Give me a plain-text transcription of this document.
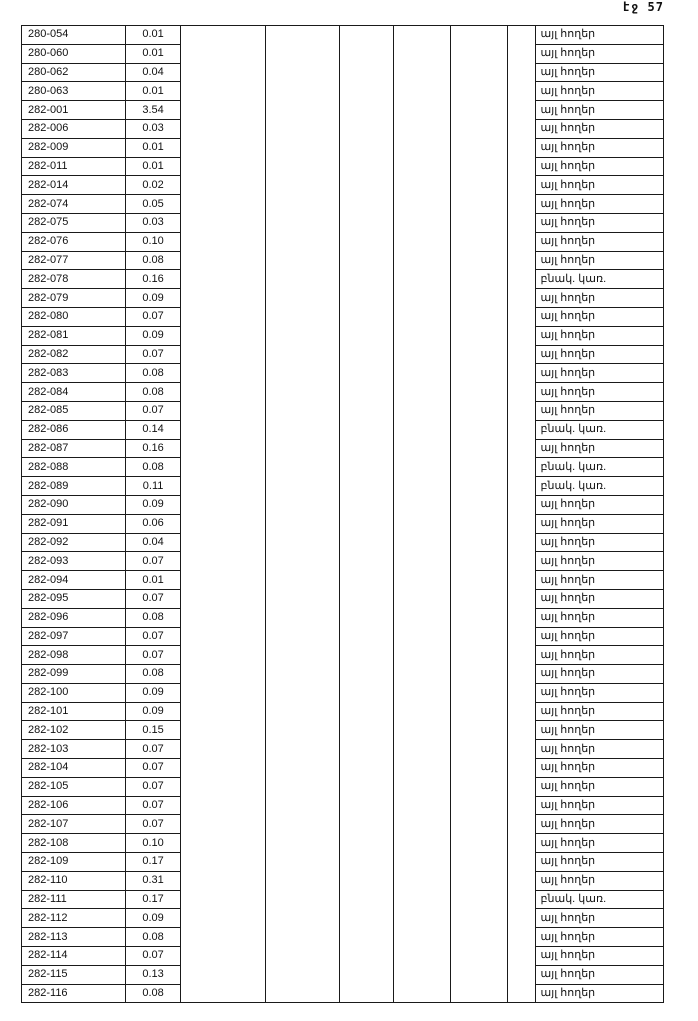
էջ 57
280-054	0.01							այլ հողեր
280-060	0.01							այլ հողեր
280-062	0.04							այլ հողեր
280-063	0.01							այլ հողեր
282-001	3.54							այլ հողեր
282-006	0.03							այլ հողեր
282-009	0.01							այլ հողեր
282-011	0.01							այլ հողեր
282-014	0.02							այլ հողեր
282-074	0.05							այլ հողեր
282-075	0.03							այլ հողեր
282-076	0.10							այլ հողեր
282-077	0.08							այլ հողեր
282-078	0.16							բնակ. կառ.
282-079	0.09							այլ հողեր
282-080	0.07							այլ հողեր
282-081	0.09							այլ հողեր
282-082	0.07							այլ հողեր
282-083	0.08							այլ հողեր
282-084	0.08							այլ հողեր
282-085	0.07							այլ հողեր
282-086	0.14							բնակ. կառ.
282-087	0.16							այլ հողեր
282-088	0.08							բնակ. կառ.
282-089	0.11							բնակ. կառ.
282-090	0.09							այլ հողեր
282-091	0.06							այլ հողեր
282-092	0.04							այլ հողեր
282-093	0.07							այլ հողեր
282-094	0.01							այլ հողեր
282-095	0.07							այլ հողեր
282-096	0.08							այլ հողեր
282-097	0.07							այլ հողեր
282-098	0.07							այլ հողեր
282-099	0.08							այլ հողեր
282-100	0.09							այլ հողեր
282-101	0.09							այլ հողեր
282-102	0.15							այլ հողեր
282-103	0.07							այլ հողեր
282-104	0.07							այլ հողեր
282-105	0.07							այլ հողեր
282-106	0.07							այլ հողեր
282-107	0.07							այլ հողեր
282-108	0.10							այլ հողեր
282-109	0.17							այլ հողեր
282-110	0.31							այլ հողեր
282-111	0.17							բնակ. կառ.
282-112	0.09							այլ հողեր
282-113	0.08							այլ հողեր
282-114	0.07							այլ հողեր
282-115	0.13							այլ հողեր
282-116	0.08							այլ հողեր
